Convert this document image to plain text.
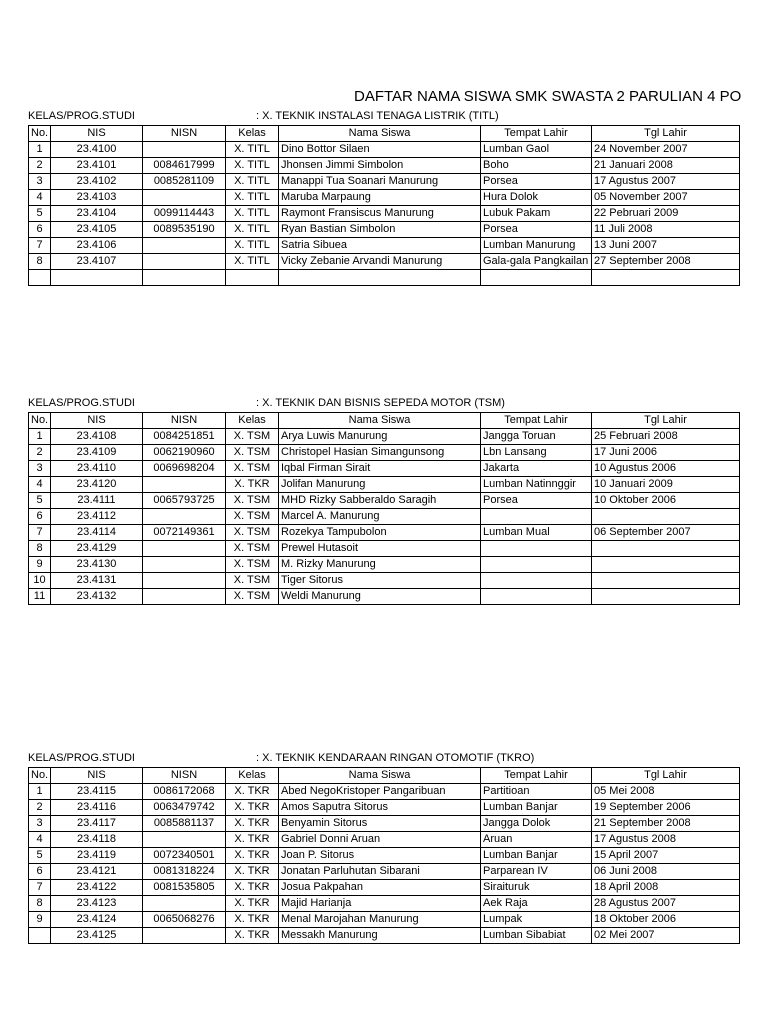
DAFTAR NAMA SISWA SMK SWASTA 2 PARULIAN 4 PO
KELAS/PROG.STUDI	: X. TEKNIK INSTALASI TENAGA LISTRIK (TITL)
No.	NIS	NISN	Kelas	Nama Siswa	Tempat Lahir	Tgl Lahir
1	23.4100		X. TITL	Dino Bottor Silaen	Lumban Gaol	24 November 2007
2	23.4101	0084617999	X. TITL	Jhonsen Jimmi Simbolon	Boho	21 Januari 2008
3	23.4102	0085281109	X. TITL	Manappi Tua Soanari Manurung	Porsea	17 Agustus 2007
4	23.4103		X. TITL	Maruba Marpaung	Hura Dolok	05 November 2007
5	23.4104	0099114443	X. TITL	Raymont Fransiscus Manurung	Lubuk Pakam	22 Pebruari 2009
6	23.4105	0089535190	X. TITL	Ryan Bastian Simbolon	Porsea	11 Juli 2008
7	23.4106		X. TITL	Satria Sibuea	Lumban Manurung	13 Juni 2007
8	23.4107		X. TITL	Vicky Zebanie Arvandi Manurung	Gala-gala Pangkailan	27 September 2008

KELAS/PROG.STUDI	: X. TEKNIK DAN BISNIS SEPEDA MOTOR (TSM)
No.	NIS	NISN	Kelas	Nama Siswa	Tempat Lahir	Tgl Lahir
1	23.4108	0084251851	X. TSM	Arya Luwis Manurung	Jangga Toruan	25 Februari 2008
2	23.4109	0062190960	X. TSM	Christopel Hasian Simangunsong	Lbn Lansang	17 Juni 2006
3	23.4110	0069698204	X. TSM	Iqbal Firman Sirait	Jakarta	10 Agustus 2006
4	23.4120		X. TKR	Jolifan Manurung	Lumban Natinnggir	10 Januari 2009
5	23.4111	0065793725	X. TSM	MHD Rizky Sabberaldo Saragih	Porsea	10 Oktober 2006
6	23.4112		X. TSM	Marcel A. Manurung		
7	23.4114	0072149361	X. TSM	Rozekya Tampubolon	Lumban Mual	06 September 2007
8	23.4129		X. TSM	Prewel Hutasoit		
9	23.4130		X. TSM	M. Rizky Manurung		
10	23.4131		X. TSM	Tiger Sitorus		
11	23.4132		X. TSM	Weldi Manurung		
KELAS/PROG.STUDI	: X. TEKNIK KENDARAAN RINGAN OTOMOTIF (TKRO)
No.	NIS	NISN	Kelas	Nama Siswa	Tempat Lahir	Tgl Lahir
1	23.4115	0086172068	X. TKR	Abed NegoKristoper Pangaribuan	Partitioan	05 Mei 2008
2	23.4116	0063479742	X. TKR	Amos Saputra Sitorus	Lumban Banjar	19 September 2006
3	23.4117	0085881137	X. TKR	Benyamin Sitorus	Jangga Dolok	21 September 2008
4	23.4118		X. TKR	Gabriel Donni Aruan	Aruan	17 Agustus 2008
5	23.4119	0072340501	X. TKR	Joan P. Sitorus	Lumban Banjar	15 April 2007
6	23.4121	0081318224	X. TKR	Jonatan Parluhutan Sibarani	Parparean IV	06 Juni 2008
7	23.4122	0081535805	X. TKR	Josua Pakpahan	Siraituruk	18 April 2008
8	23.4123		X. TKR	Majid Harianja	Aek Raja	28 Agustus 2007
9	23.4124	0065068276	X. TKR	Menal Marojahan Manurung	Lumpak	18 Oktober 2006
	23.4125		X. TKR	Messakh Manurung	Lumban Sibabiat	02 Mei 2007
